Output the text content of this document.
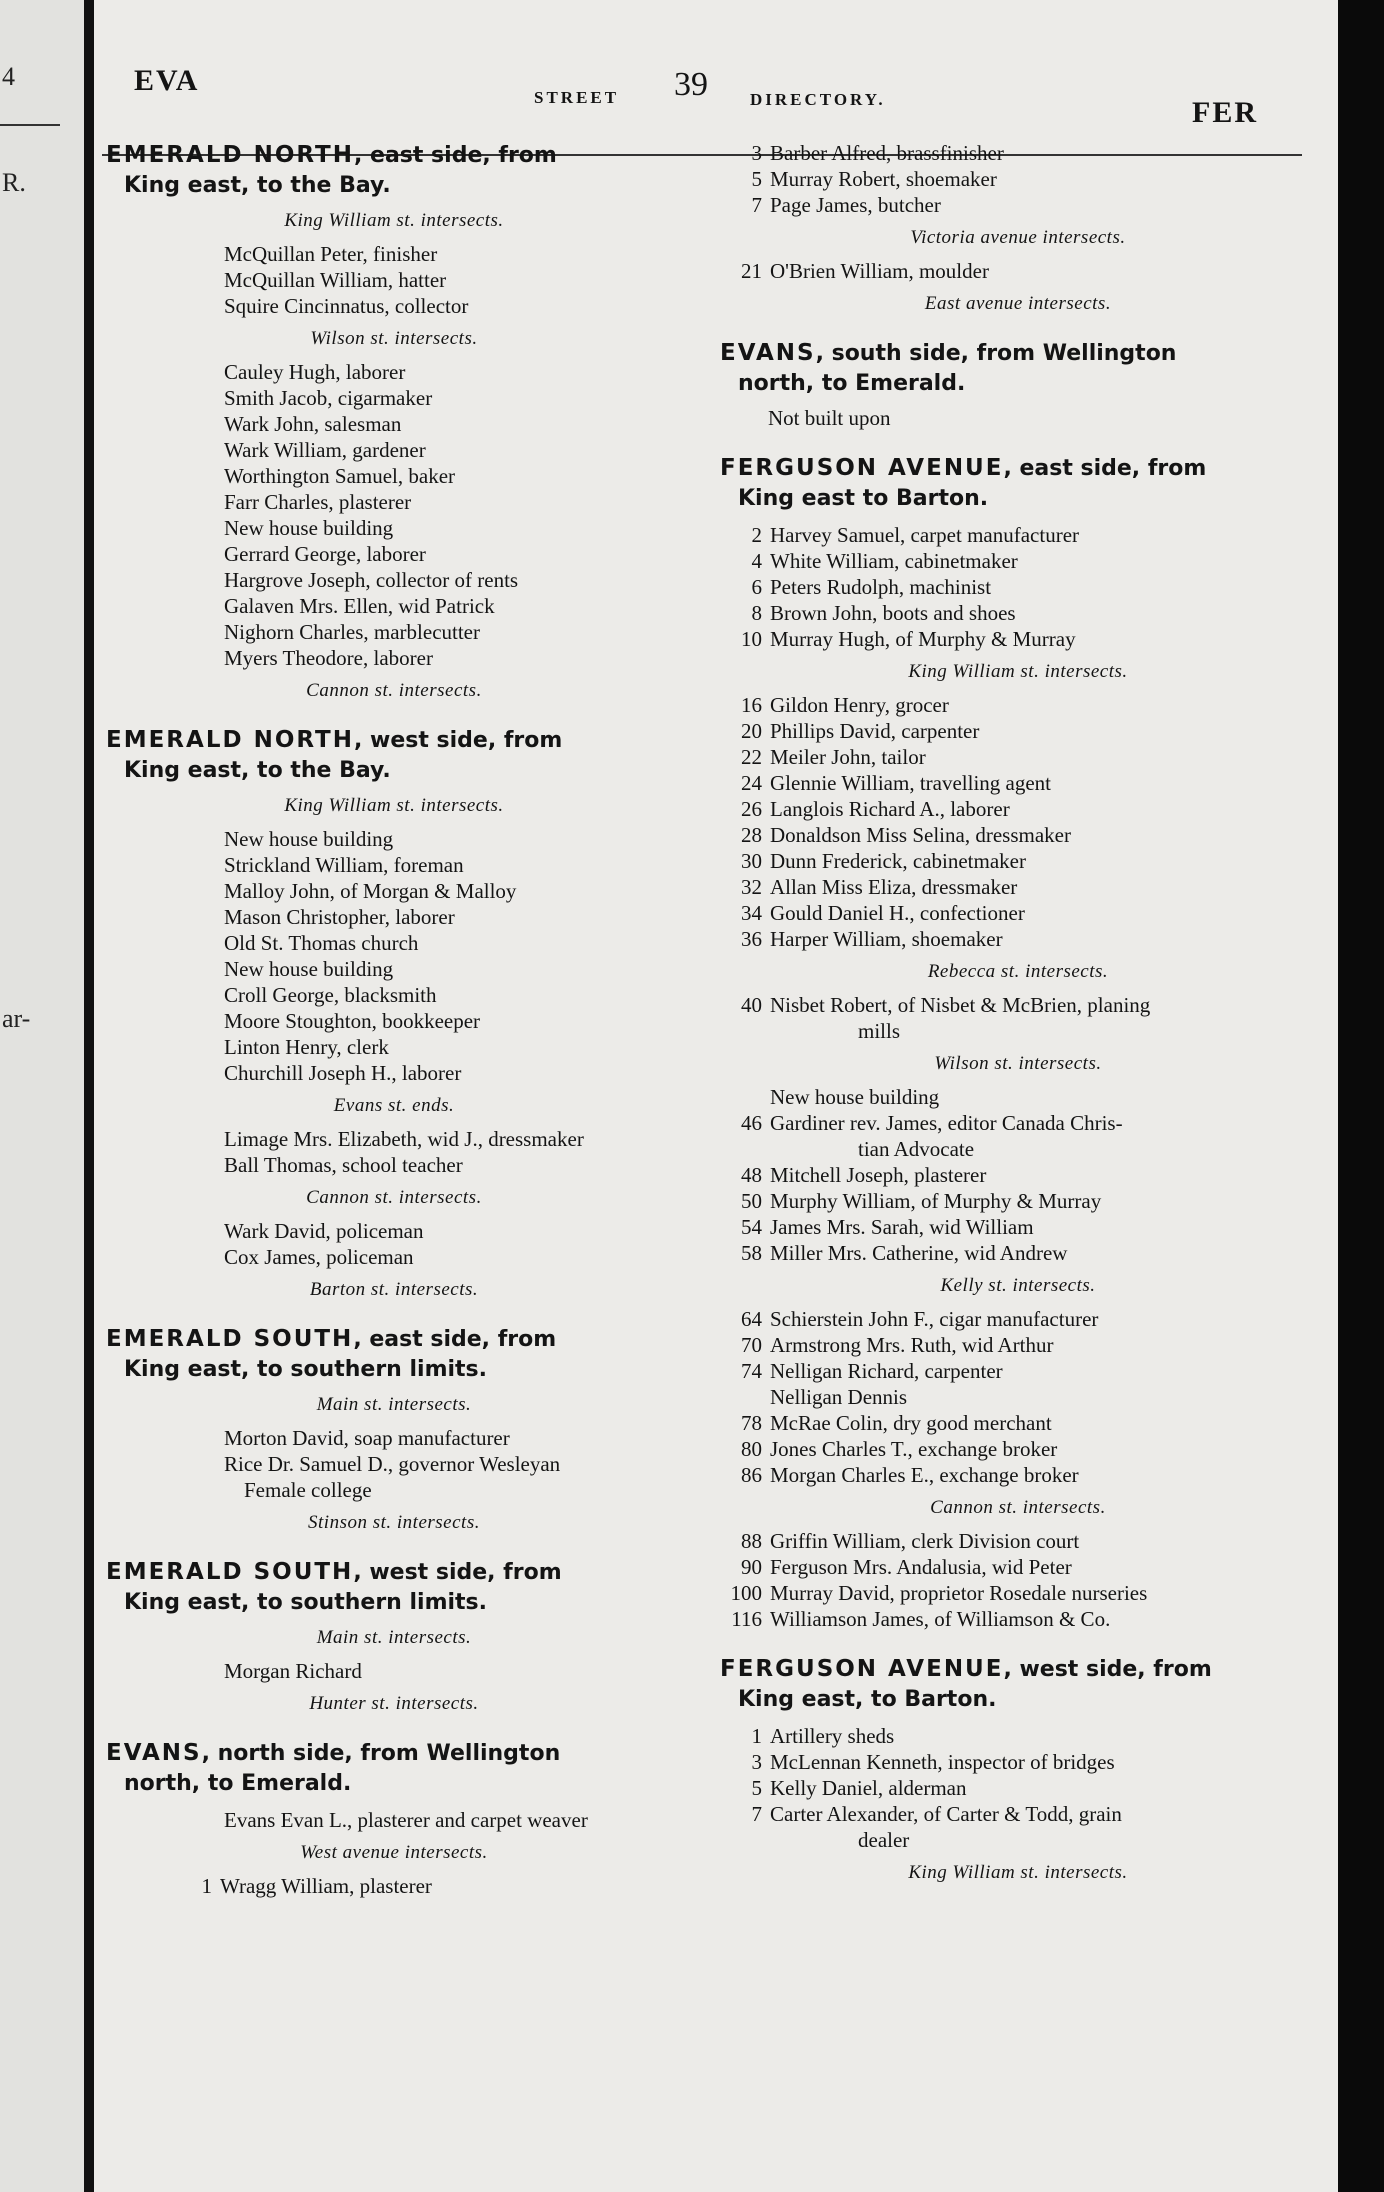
4
R.
ar-
EVA
STREET 39 DIRECTORY.	FER
EMERALD NORTH, east side, from
King east, to the Bay.
King William st. intersects.
McQuillan Peter, finisher
McQuillan William, hatter
Squire Cincinnatus, collector
Wilson st. intersects.
Cauley Hugh, laborer
Smith Jacob, cigarmaker
Wark John, salesman
Wark William, gardener
Worthington Samuel, baker
Farr Charles, plasterer
New house building
Gerrard George, laborer
Hargrove Joseph, collector of rents
Galaven Mrs. Ellen, wid Patrick
Nighorn Charles, marblecutter
Myers Theodore, laborer
Cannon st. intersects.
EMERALD NORTH, west side, from
King east, to the Bay.
King William st. intersects.
New house building
Strickland William, foreman
Malloy John, of Morgan & Malloy
Mason Christopher, laborer
Old St. Thomas church
New house building
Croll George, blacksmith
Moore Stoughton, bookkeeper
Linton Henry, clerk
Churchill Joseph H., laborer
Evans st. ends.
Limage Mrs. Elizabeth, wid J., dressmaker
Ball Thomas, school teacher
Cannon st. intersects.
Wark David, policeman
Cox James, policeman
Barton st. intersects.
EMERALD SOUTH, east side, from
King east, to southern limits.
Main st. intersects.
Morton David, soap manufacturer
Rice Dr. Samuel D., governor Wesleyan
Female college
Stinson st. intersects.
EMERALD SOUTH, west side, from
King east, to southern limits.
Main st. intersects.
Morgan Richard
Hunter st. intersects.
EVANS, north side, from Wellington
north, to Emerald.
Evans Evan L., plasterer and carpet weaver
West avenue intersects.
1 Wragg William, plasterer
3 Barber Alfred, brassfinisher
5 Murray Robert, shoemaker
7 Page James, butcher
Victoria avenue intersects.
21 O'Brien William, moulder
East avenue intersects.
EVANS, south side, from Wellington
north, to Emerald.
Not built upon
FERGUSON AVENUE, east side, from
King east to Barton.
2 Harvey Samuel, carpet manufacturer
4 White William, cabinetmaker
6 Peters Rudolph, machinist
8 Brown John, boots and shoes
10 Murray Hugh, of Murphy & Murray
King William st. intersects.
16 Gildon Henry, grocer
20 Phillips David, carpenter
22 Meiler John, tailor
24 Glennie William, travelling agent
26 Langlois Richard A., laborer
28 Donaldson Miss Selina, dressmaker
30 Dunn Frederick, cabinetmaker
32 Allan Miss Eliza, dressmaker
34 Gould Daniel H., confectioner
36 Harper William, shoemaker
Rebecca st. intersects.
40 Nisbet Robert, of Nisbet & McBrien, planing
mills
Wilson st. intersects.
New house building
46 Gardiner rev. James, editor Canada Chris-
tian Advocate
48 Mitchell Joseph, plasterer
50 Murphy William, of Murphy & Murray
54 James Mrs. Sarah, wid William
58 Miller Mrs. Catherine, wid Andrew
Kelly st. intersects.
64 Schierstein John F., cigar manufacturer
70 Armstrong Mrs. Ruth, wid Arthur
74 Nelligan Richard, carpenter
Nelligan Dennis
78 McRae Colin, dry good merchant
80 Jones Charles T., exchange broker
86 Morgan Charles E., exchange broker
Cannon st. intersects.
88 Griffin William, clerk Division court
90 Ferguson Mrs. Andalusia, wid Peter
100 Murray David, proprietor Rosedale nurseries
116 Williamson James, of Williamson & Co.
FERGUSON AVENUE, west side, from
King east, to Barton.
1 Artillery sheds
3 McLennan Kenneth, inspector of bridges
5 Kelly Daniel, alderman
7 Carter Alexander, of Carter & Todd, grain
dealer
King William st. intersects.
